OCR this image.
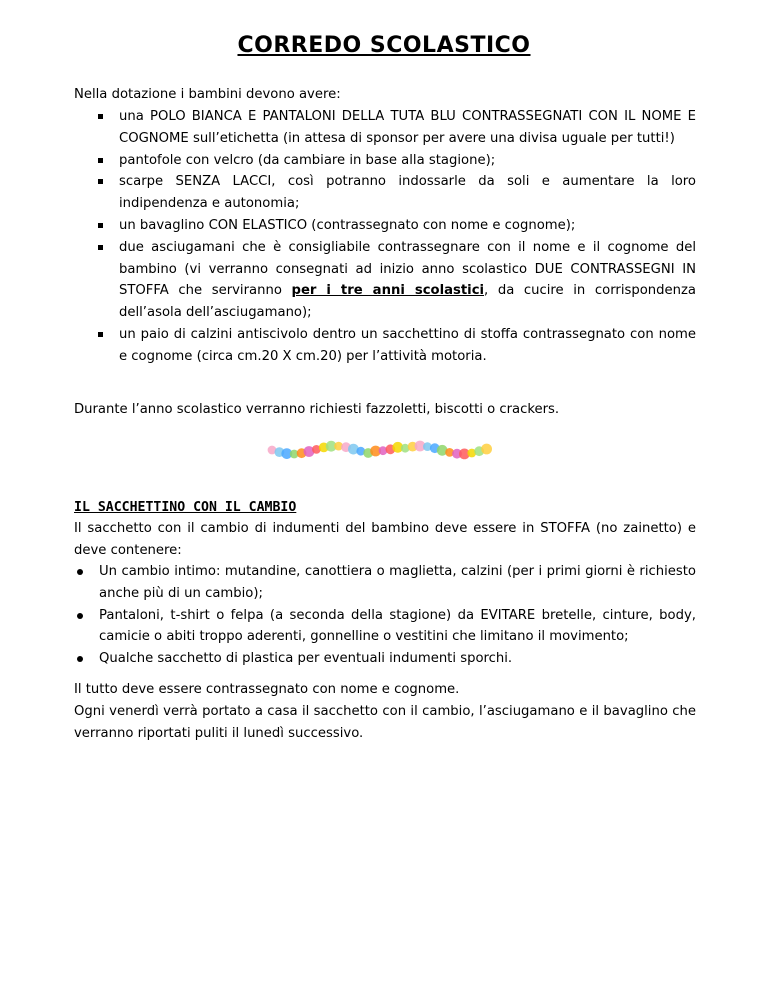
CORREDO SCOLASTICO
Nella dotazione i bambini devono avere:
una POLO BIANCA E PANTALONI DELLA TUTA BLU CONTRASSEGNATI CON IL NOME E COGNOME sull’etichetta (in attesa di sponsor per avere una divisa uguale per tutti!)
pantofole con velcro (da cambiare in base alla stagione);
scarpe SENZA LACCI, così potranno indossarle da soli e aumentare la loro indipendenza e autonomia;
un bavaglino CON ELASTICO (contrassegnato con nome e cognome);
due asciugamani che è consigliabile contrassegnare con il nome e il cognome del bambino (vi verranno consegnati ad inizio anno scolastico DUE CONTRASSEGNI IN STOFFA che serviranno per i tre anni scolastici, da cucire in corrispondenza dell’asola dell’asciugamano);
un paio di calzini antiscivolo dentro un sacchettino di stoffa contrassegnato con nome e cognome (circa cm.20 X cm.20) per l’attività motoria.
Durante l’anno scolastico verranno richiesti fazzoletti, biscotti o crackers.
IL SACCHETTINO CON IL CAMBIO
Il sacchetto con il cambio di indumenti del bambino deve essere in STOFFA (no zainetto) e deve contenere:
Un cambio intimo: mutandine, canottiera o maglietta, calzini (per i primi giorni è richiesto anche più di un cambio);
Pantaloni, t-shirt o felpa (a seconda della stagione) da EVITARE bretelle, cinture, body, camicie o abiti troppo aderenti, gonnelline o vestitini che limitano il movimento;
Qualche sacchetto di plastica per eventuali indumenti sporchi.
Il tutto deve essere contrassegnato con nome e cognome.
Ogni venerdì verrà portato a casa il sacchetto con il cambio, l’asciugamano e il bavaglino che verranno riportati puliti il lunedì successivo.
